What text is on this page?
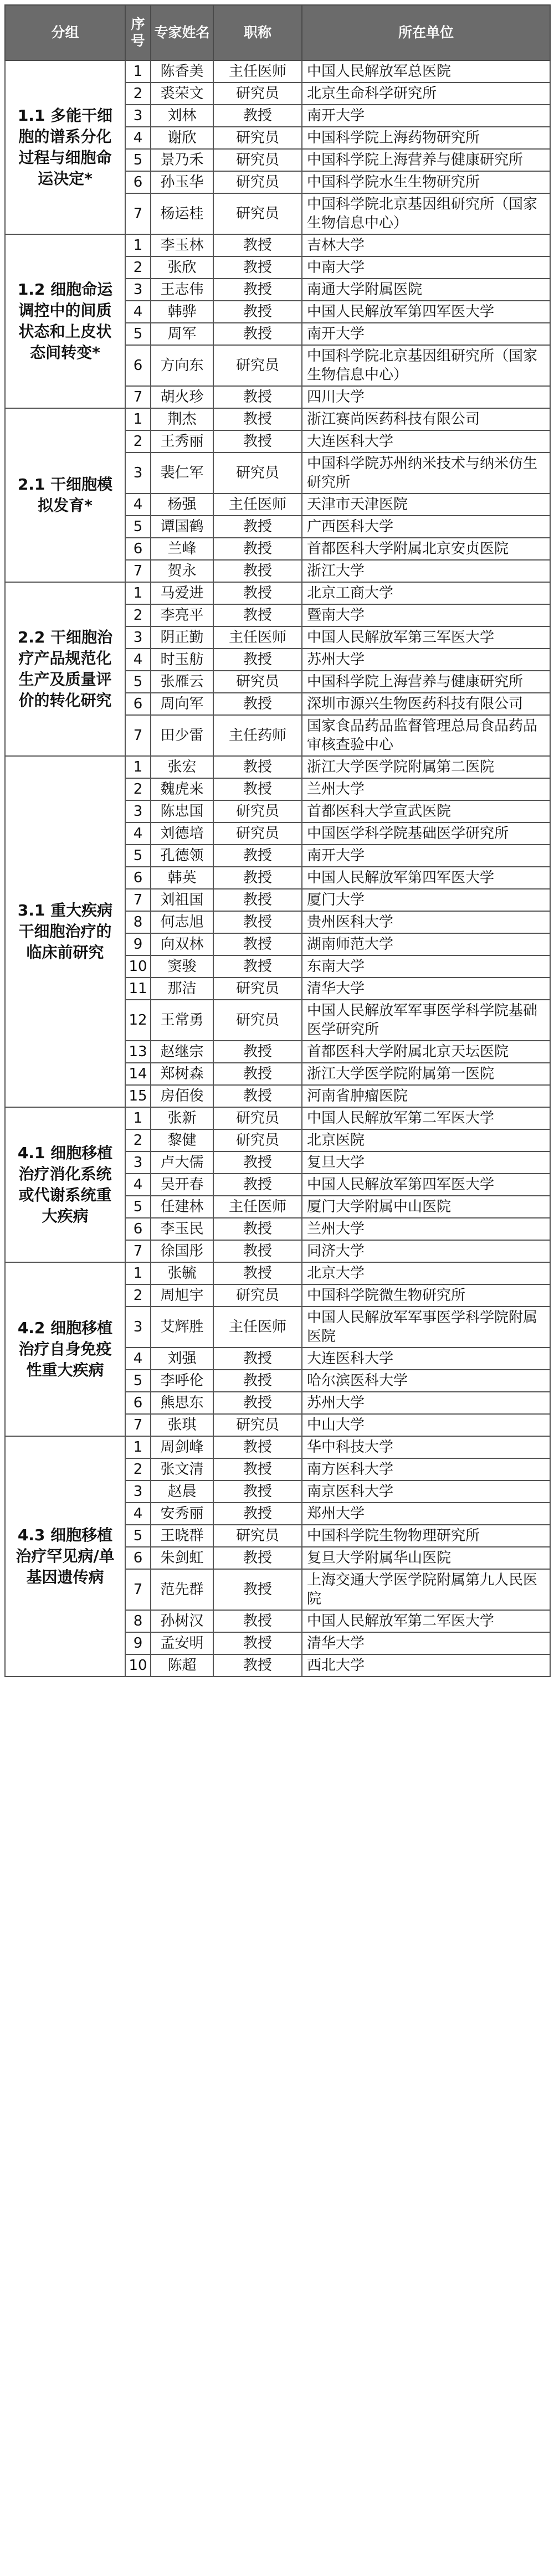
分组	序号	专家姓名	职称	所在单位
1.1 多能干细胞的谱系分化过程与细胞命运决定*	1	陈香美	主任医师	中国人民解放军总医院
	2	裘荣文	研究员	北京生命科学研究所
	3	刘林	教授	南开大学
	4	谢欣	研究员	中国科学院上海药物研究所
	5	景乃禾	研究员	中国科学院上海营养与健康研究所
	6	孙玉华	研究员	中国科学院水生生物研究所
	7	杨运桂	研究员	中国科学院北京基因组研究所（国家生物信息中心）
1.2 细胞命运调控中的间质状态和上皮状态间转变*	1	李玉林	教授	吉林大学
	2	张欣	教授	中南大学
	3	王志伟	教授	南通大学附属医院
	4	韩骅	教授	中国人民解放军第四军医大学
	5	周军	教授	南开大学
	6	方向东	研究员	中国科学院北京基因组研究所（国家生物信息中心）
	7	胡火珍	教授	四川大学
2.1 干细胞模拟发育*	1	荆杰	教授	浙江赛尚医药科技有限公司
	2	王秀丽	教授	大连医科大学
	3	裴仁军	研究员	中国科学院苏州纳米技术与纳米仿生研究所
	4	杨强	主任医师	天津市天津医院
	5	谭国鹤	教授	广西医科大学
	6	兰峰	教授	首都医科大学附属北京安贞医院
	7	贺永	教授	浙江大学
2.2 干细胞治疗产品规范化生产及质量评价的转化研究	1	马爱进	教授	北京工商大学
	2	李亮平	教授	暨南大学
	3	阴正勤	主任医师	中国人民解放军第三军医大学
	4	时玉舫	教授	苏州大学
	5	张雁云	研究员	中国科学院上海营养与健康研究所
	6	周向军	教授	深圳市源兴生物医药科技有限公司
	7	田少雷	主任药师	国家食品药品监督管理总局食品药品审核查验中心
3.1 重大疾病干细胞治疗的临床前研究	1	张宏	教授	浙江大学医学院附属第二医院
	2	魏虎来	教授	兰州大学
	3	陈忠国	研究员	首都医科大学宣武医院
	4	刘德培	研究员	中国医学科学院基础医学研究所
	5	孔德领	教授	南开大学
	6	韩英	教授	中国人民解放军第四军医大学
	7	刘祖国	教授	厦门大学
	8	何志旭	教授	贵州医科大学
	9	向双林	教授	湖南师范大学
	10	窦骏	教授	东南大学
	11	那洁	研究员	清华大学
	12	王常勇	研究员	中国人民解放军军事医学科学院基础医学研究所
	13	赵继宗	教授	首都医科大学附属北京天坛医院
	14	郑树森	教授	浙江大学医学院附属第一医院
	15	房佰俊	教授	河南省肿瘤医院
4.1 细胞移植治疗消化系统或代谢系统重大疾病	1	张新	研究员	中国人民解放军第二军医大学
	2	黎健	研究员	北京医院
	3	卢大儒	教授	复旦大学
	4	吴开春	教授	中国人民解放军第四军医大学
	5	任建林	主任医师	厦门大学附属中山医院
	6	李玉民	教授	兰州大学
	7	徐国彤	教授	同济大学
4.2 细胞移植治疗自身免疫性重大疾病	1	张毓	教授	北京大学
	2	周旭宇	研究员	中国科学院微生物研究所
	3	艾辉胜	主任医师	中国人民解放军军事医学科学院附属医院
	4	刘强	教授	大连医科大学
	5	李呼伦	教授	哈尔滨医科大学
	6	熊思东	教授	苏州大学
	7	张琪	研究员	中山大学
4.3 细胞移植治疗罕见病/单基因遗传病	1	周剑峰	教授	华中科技大学
	2	张文清	教授	南方医科大学
	3	赵晨	教授	南京医科大学
	4	安秀丽	教授	郑州大学
	5	王晓群	研究员	中国科学院生物物理研究所
	6	朱剑虹	教授	复旦大学附属华山医院
	7	范先群	教授	上海交通大学医学院附属第九人民医院
	8	孙树汉	教授	中国人民解放军第二军医大学
	9	孟安明	教授	清华大学
	10	陈超	教授	西北大学
